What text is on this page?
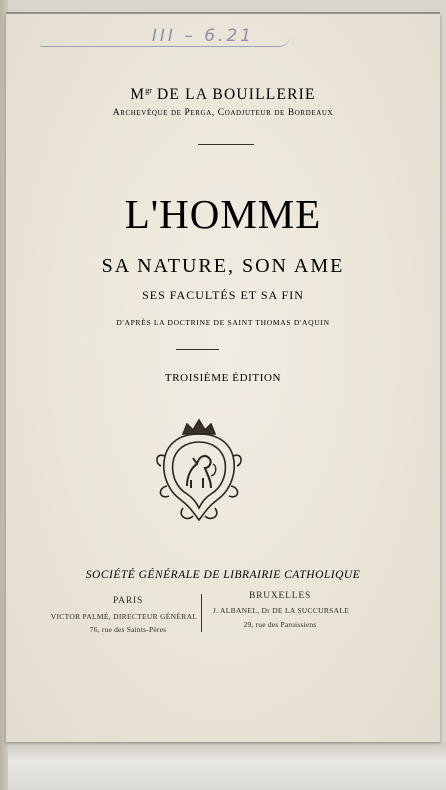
III – 6.21
$M^{gr}$ DE LA BOUILLERIE
Archevêque de Perga, Coadjuteur de Bordeaux
L'HOMME
SA NATURE, SON AME
SES FACULTÉS ET SA FIN
D'APRÈS LA DOCTRINE DE SAINT THOMAS D'AQUIN
TROISIÈME ÉDITION
SOCIÉTÉ GÉNÉRALE DE LIBRAIRIE CATHOLIQUE
PARIS
VICTOR PALMÉ, DIRECTEUR GÉNÉRAL
76, rue des Saints-Pères
BRUXELLES
J. ALBANEL, Dr DE LA SUCCURSALE
29, rue des Paroissiens
